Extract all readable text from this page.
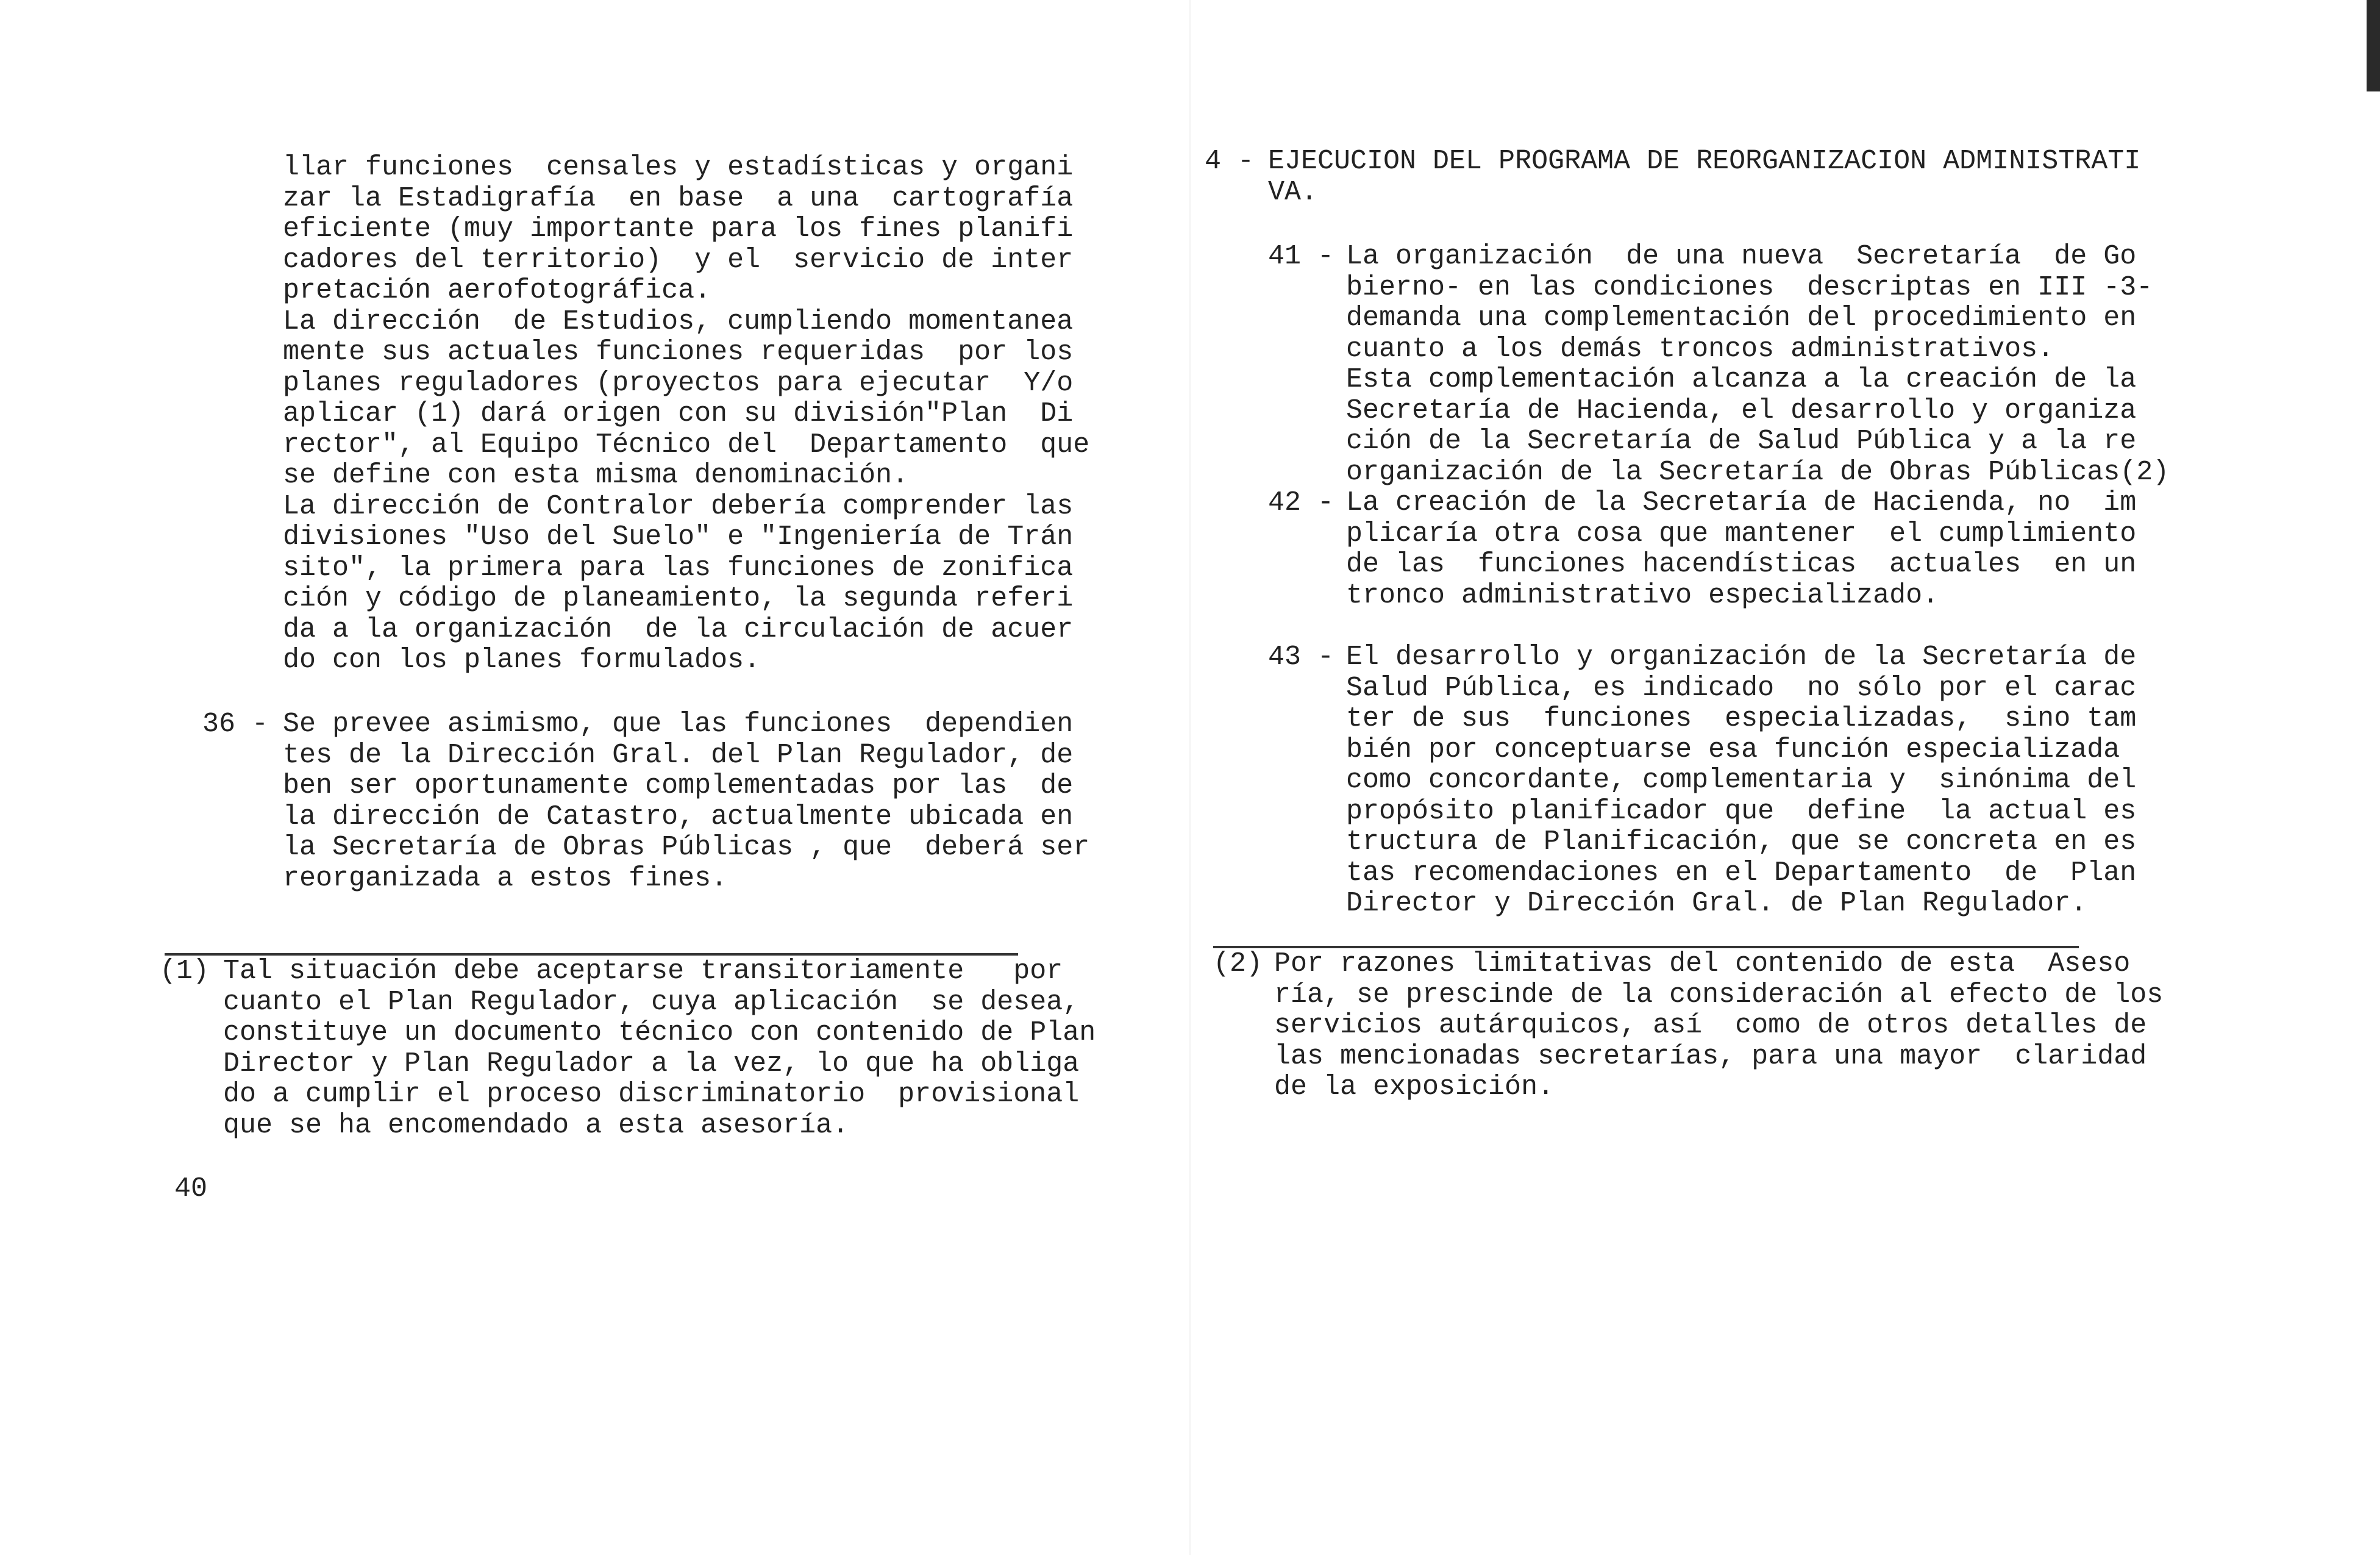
llar funciones  censales y estadísticas y organi
zar la Estadigrafía  en base  a una  cartografía
eficiente (muy importante para los fines planifi
cadores del territorio)  y el  servicio de inter
pretación aerofotográfica.
La dirección  de Estudios, cumpliendo momentanea
mente sus actuales funciones requeridas  por los
planes reguladores (proyectos para ejecutar  Y/o
aplicar (1) dará origen con su división"Plan  Di
rector", al Equipo Técnico del  Departamento  que
se define con esta misma denominación.
La dirección de Contralor debería comprender las
divisiones "Uso del Suelo" e "Ingeniería de Trán
sito", la primera para las funciones de zonifica
ción y código de planeamiento, la segunda referi
da a la organización  de la circulación de acuer
do con los planes formulados.
36 - Se prevee asimismo, que las funciones  dependien
tes de la Dirección Gral. del Plan Regulador, de
ben ser oportunamente complementadas por las  de
la dirección de Catastro, actualmente ubicada en
la Secretaría de Obras Públicas , que  deberá ser
reorganizada a estos fines.
(1) Tal situación debe aceptarse transitoriamente   por
cuanto el Plan Regulador, cuya aplicación  se desea,
constituye un documento técnico con contenido de Plan
Director y Plan Regulador a la vez, lo que ha obliga
do a cumplir el proceso discriminatorio  provisional
que se ha encomendado a esta asesoría.
40
4 - EJECUCION DEL PROGRAMA DE REORGANIZACION ADMINISTRATI
VA.
41 - La organización  de una nueva  Secretaría  de Go
bierno- en las condiciones  descriptas en III -3-
demanda una complementación del procedimiento en
cuanto a los demás troncos administrativos.
Esta complementación alcanza a la creación de la
Secretaría de Hacienda, el desarrollo y organiza
ción de la Secretaría de Salud Pública y a la re
organización de la Secretaría de Obras Públicas(2)
42 - La creación de la Secretaría de Hacienda, no  im
plicaría otra cosa que mantener  el cumplimiento
de las  funciones hacendísticas  actuales  en un
tronco administrativo especializado.
43 - El desarrollo y organización de la Secretaría de
Salud Pública, es indicado  no sólo por el carac
ter de sus  funciones  especializadas,  sino tam
bién por conceptuarse esa función especializada
como concordante, complementaria y  sinónima del
propósito planificador que  define  la actual es
tructura de Planificación, que se concreta en es
tas recomendaciones en el Departamento  de  Plan
Director y Dirección Gral. de Plan Regulador.
(2) Por razones limitativas del contenido de esta  Aseso
ría, se prescinde de la consideración al efecto de los
servicios autárquicos, así  como de otros detalles de
las mencionadas secretarías, para una mayor  claridad
de la exposición.
